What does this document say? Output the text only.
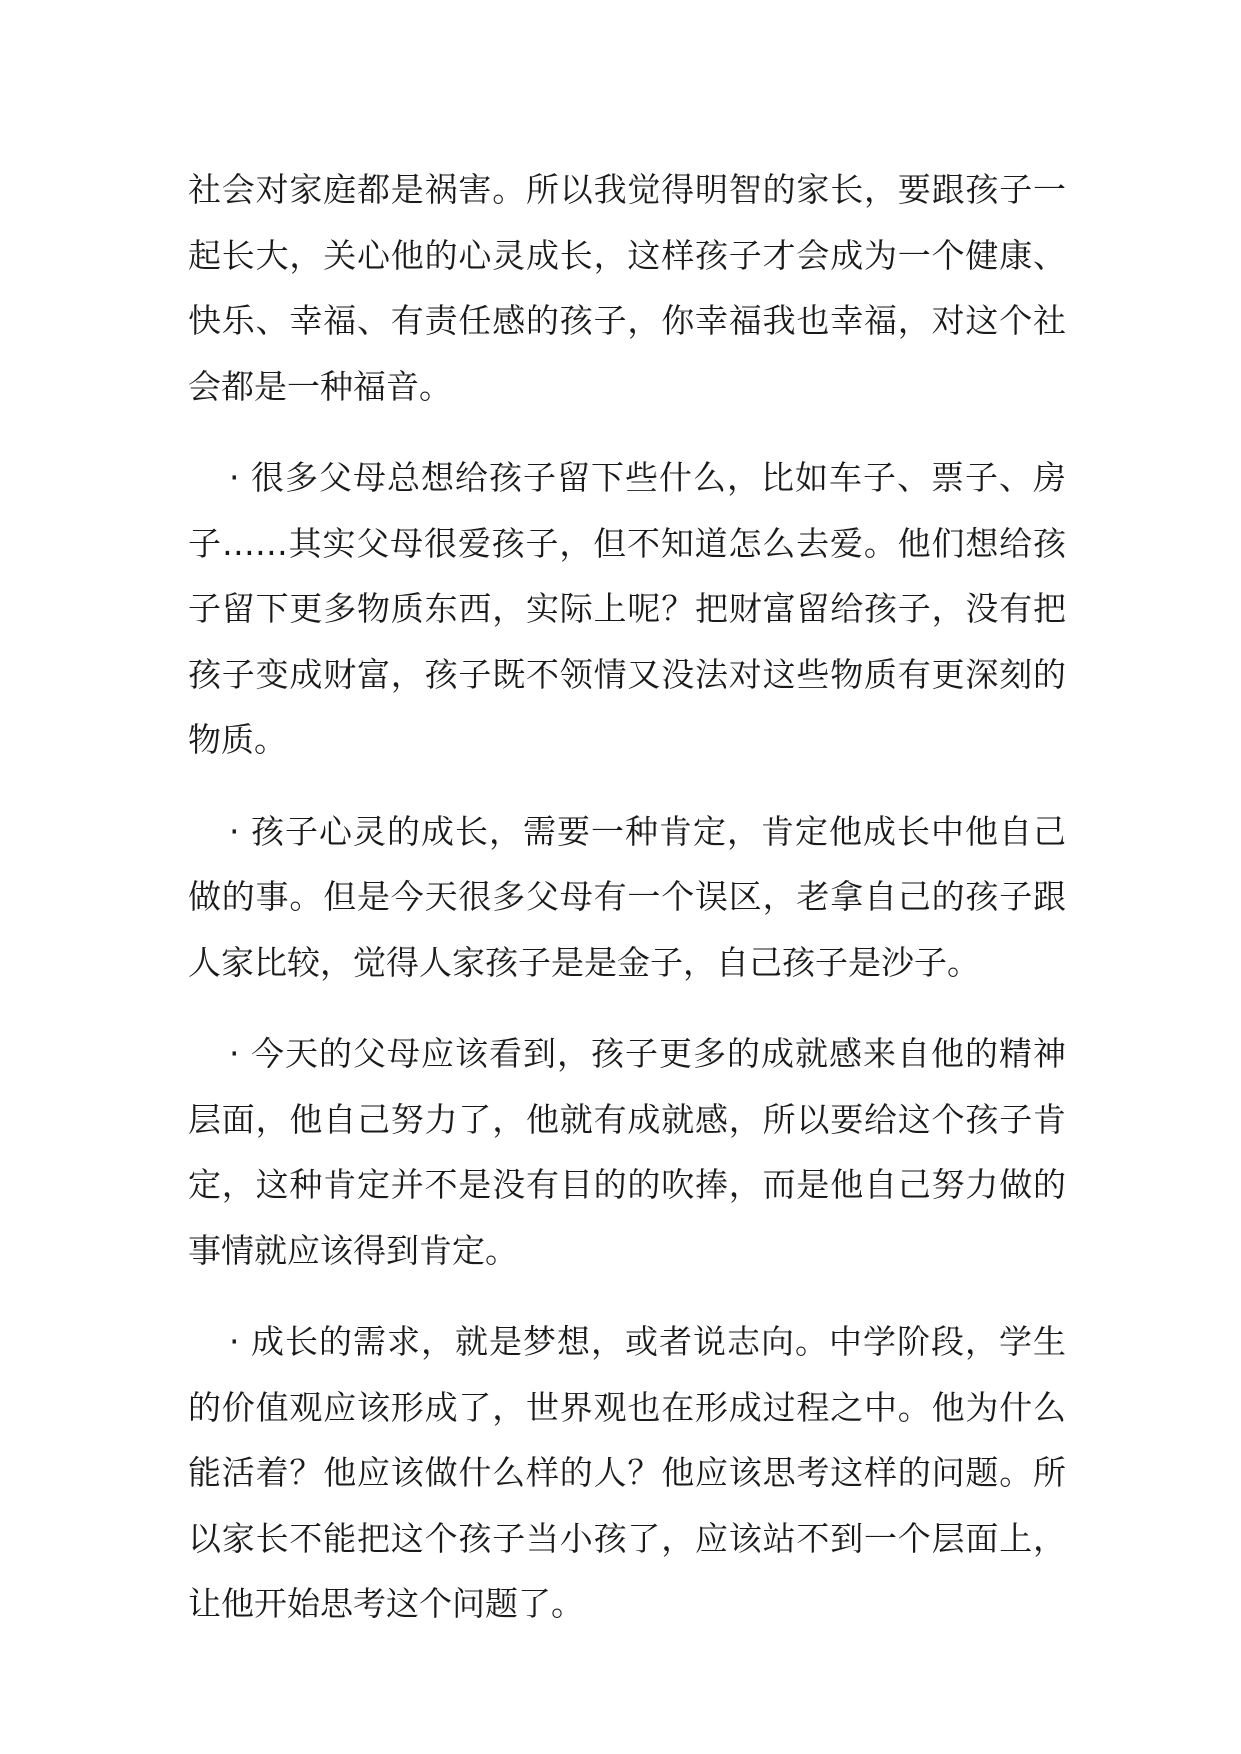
社会对家庭都是祸害。所以我觉得明智的家长，要跟孩子一起长大，关心他的心灵成长，这样孩子才会成为一个健康、快乐、幸福、有责任感的孩子，你幸福我也幸福，对这个社会都是一种福音。

· 很多父母总想给孩子留下些什么，比如车子、票子、房子……其实父母很爱孩子，但不知道怎么去爱。他们想给孩子留下更多物质东西，实际上呢？把财富留给孩子，没有把孩子变成财富，孩子既不领情又没法对这些物质有更深刻的物质。

· 孩子心灵的成长，需要一种肯定，肯定他成长中他自己做的事。但是今天很多父母有一个误区，老拿自己的孩子跟人家比较，觉得人家孩子是是金子，自己孩子是沙子。

· 今天的父母应该看到，孩子更多的成就感来自他的精神层面，他自己努力了，他就有成就感，所以要给这个孩子肯定，这种肯定并不是没有目的的吹捧，而是他自己努力做的事情就应该得到肯定。

· 成长的需求，就是梦想，或者说志向。中学阶段，学生的价值观应该形成了，世界观也在形成过程之中。他为什么能活着？他应该做什么样的人？他应该思考这样的问题。所以家长不能把这个孩子当小孩了，应该站不到一个层面上，让他开始思考这个问题了。
